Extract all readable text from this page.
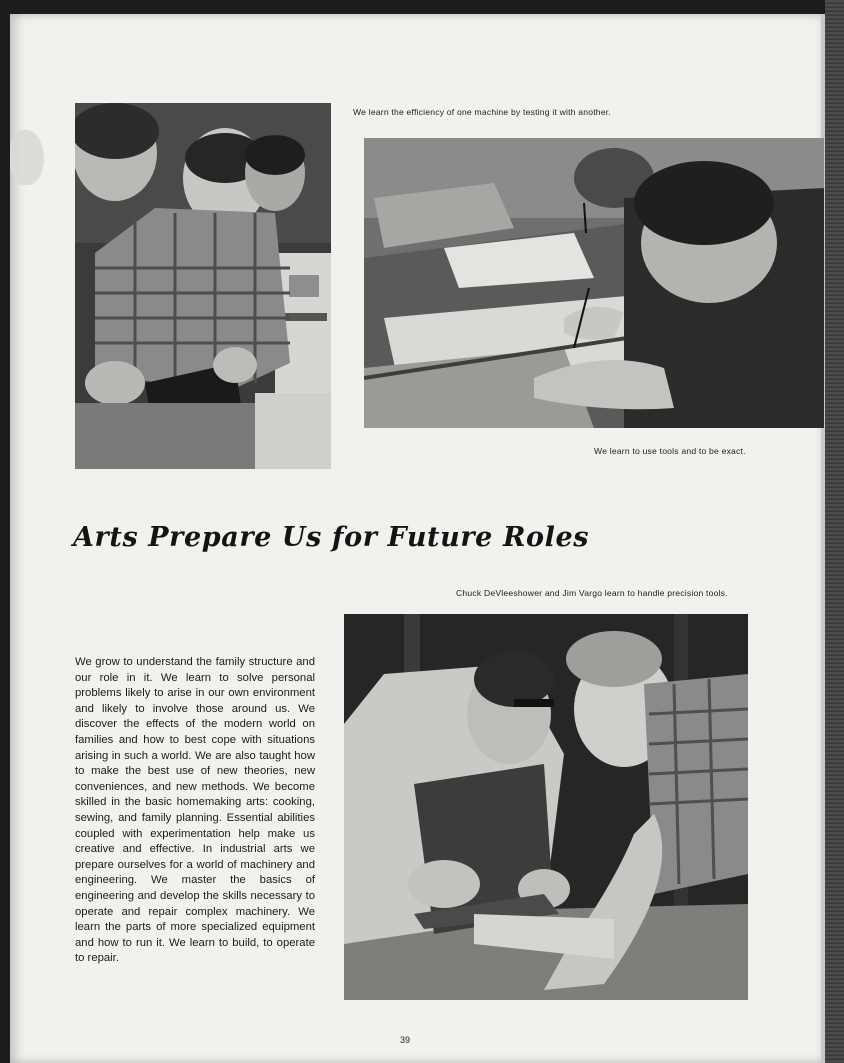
We learn the efficiency of one machine by testing it with another.
We learn to use tools and to be exact.
Chuck DeVleeshower and Jim Vargo learn to handle precision tools.
Arts Prepare Us for Future Roles
We grow to understand the family structure and our role in it. We learn to solve personal problems likely to arise in our own environment and likely to involve those around us. We discover the effects of the modern world on families and how to best cope with situations arising in such a world. We are also taught how to make the best use of new theories, new conveniences, and new methods. We become skilled in the basic homemaking arts: cooking, sewing, and family planning. Essential abilities coupled with experimentation help make us creative and effective. In industrial arts we prepare ourselves for a world of machinery and engineering. We master the basics of engineering and develop the skills necessary to operate and repair complex machinery. We learn the parts of more specialized equipment and how to run it. We learn to build, to operate to repair.
39
